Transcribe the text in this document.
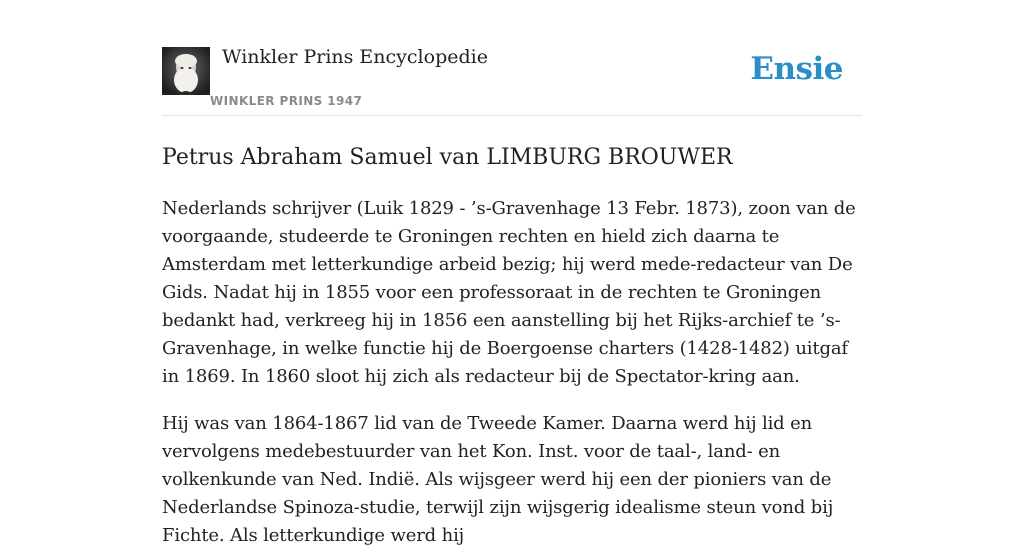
Winkler Prins Encyclopedie
WINKLER PRINS 1947
Ensie
Petrus Abraham Samuel van LIMBURG BROUWER

Nederlands schrijver (Luik 1829 - ’s-Gravenhage 13 Febr. 1873), zoon van de voorgaande, studeerde te Groningen rechten en hield zich daarna te Amsterdam met letterkundige arbeid bezig; hij werd mede-redacteur van De Gids. Nadat hij in 1855 voor een professoraat in de rechten te Groningen bedankt had, verkreeg hij in 1856 een aanstelling bij het Rijks-archief te ’s-Gravenhage, in welke functie hij de Boergoense charters (1428-1482) uitgaf in 1869. In 1860 sloot hij zich als redacteur bij de Spectator-kring aan.

Hij was van 1864-1867 lid van de Tweede Kamer. Daarna werd hij lid en vervolgens medebestuurder van het Kon. Inst. voor de taal-, land- en volkenkunde van Ned. Indië. Als wijsgeer werd hij een der pioniers van de Nederlandse Spinoza-studie, terwijl zijn wijsgerig idealisme steun vond bij Fichte. Als letterkundige werd hij
